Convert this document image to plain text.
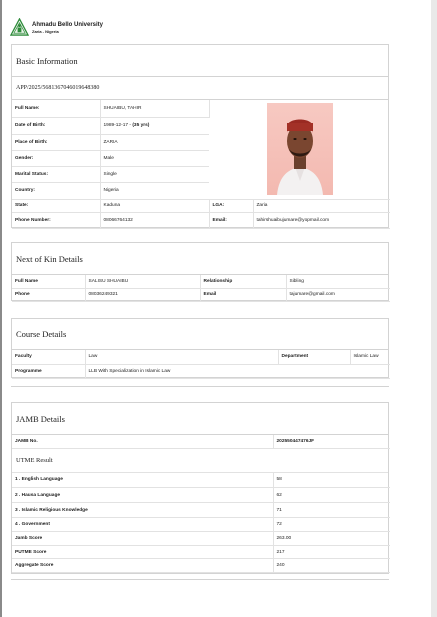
Ahmadu Bello University
Zaria - Nigeria
Basic Information
APP/2025/5681367046019648380
Full Name:	SHUAIBU, TAHIR	

Date of Birth:	1989-12-17 - (35 yrs)		
Place of Birth:	ZARIA		
Gender:	Male		
Marital Status:	Single		
Country:	Nigeria		
State:	Kaduna	LGA:	Zaria
Phone Number:	08066764132	Email:	tahirshuaibujumare@yopmail.com
Next of Kin Details
Full Name	SALISU SHUAIBU	Relationship	Sibling
Phone	08036249321	Email	tajumare@gmail.com
Course Details
Faculty	Law	Department	Islamic Law
Programme	LLB With Specialization in Islamic Law		
JAMB Details
JAMB No.	202550447476JF
UTME Result
1 . English Language	58
2 . Hausa Language	62
3 . Islamic Religious Knowledge	71
4 . Government	72
Jamb Score	263.00
PUTME Score	217
Aggregate Score	240
